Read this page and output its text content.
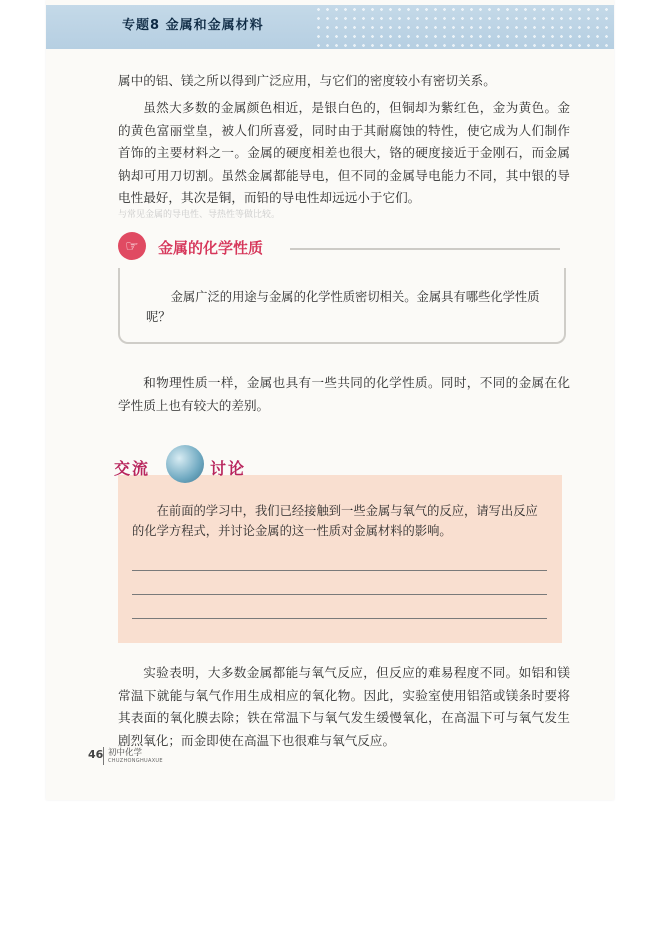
专题8 金属和金属材料

属中的铝、镁之所以得到广泛应用，与它们的密度较小有密切关系。

虽然大多数的金属颜色相近，是银白色的，但铜却为紫红色，金为黄色。金的黄色富丽堂皇，被人们所喜爱，同时由于其耐腐蚀的特性，使它成为人们制作首饰的主要材料之一。金属的硬度相差也很大，铬的硬度接近于金刚石，而金属钠却可用刀切割。虽然金属都能导电，但不同的金属导电能力不同，其中银的导电性最好，其次是铜，而铅的导电性却远远小于它们。

与常见金属的导电性、导热性等做比较。
☞	金属的化学性质

金属广泛的用途与金属的化学性质密切相关。金属具有哪些化学性质呢？

和物理性质一样，金属也具有一些共同的化学性质。同时，不同的金属在化学性质上也有较大的差别。

交流	讨论

在前面的学习中，我们已经接触到一些金属与氧气的反应，请写出反应的化学方程式，并讨论金属的这一性质对金属材料的影响。

实验表明，大多数金属都能与氧气反应，但反应的难易程度不同。如铝和镁常温下就能与氧气作用生成相应的氧化物。因此，实验室使用铝箔或镁条时要将其表面的氧化膜去除；铁在常温下与氧气发生缓慢氧化，在高温下可与氧气发生剧烈氧化；而金即使在高温下也很难与氧气反应。

46 初中化学
CHUZHONGHUAXUE
